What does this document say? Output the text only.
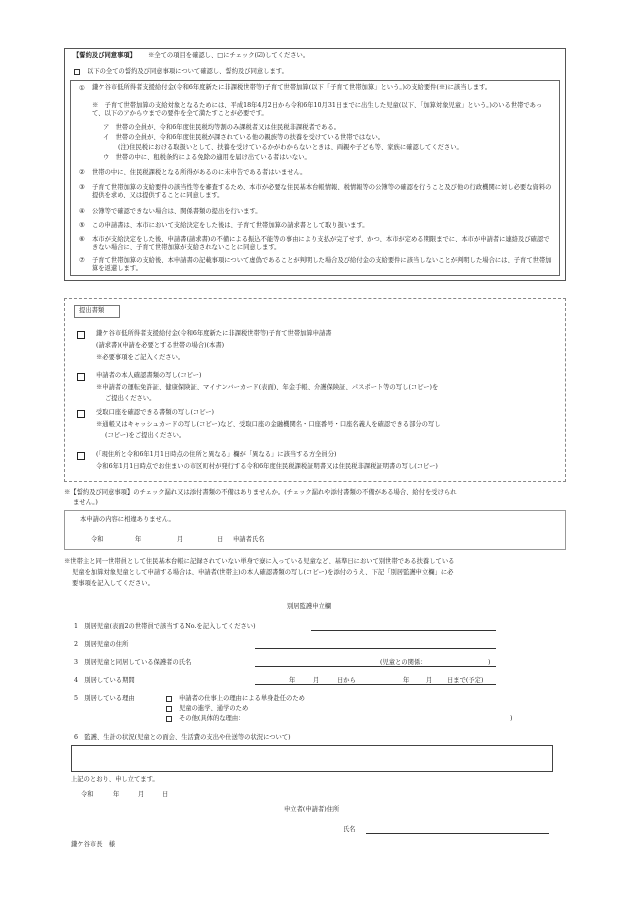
【誓約及び同意事項】 ※全ての項目を確認し、□にチェック(☑)してください。
以下の全ての誓約及び同意事項について確認し、誓約及び同意します。
① 鎌ケ谷市低所得者支援給付金(令和6年度新たに非課税世帯等)子育て世帯加算(以下「子育て世帯加算」という。)の支給要件(※)に該当します。
※　子育て世帯加算の支給対象となるためには、平成18年4月2日から令和6年10月31日までに出生した児童(以下、「加算対象児童」という。)のいる世帯であって、以下のアからウまでの要件を全て満たすことが必要です。
ア　世帯の全員が、令和6年度住民税均等割のみ課税者又は住民税非課税者である。
イ　世帯の全員が、令和6年度住民税が課されている他の親族等の扶養を受けている世帯ではない。
(注)住民税における取扱いとして、扶養を受けているかがわからないときは、両親や子ども等、家族に確認してください。
ウ　世帯の中に、租税条約による免除の適用を届け出ている者はいない。
② 世帯の中に、住民税課税となる所得があるのに未申告である者はいません。
③ 子育て世帯加算の支給要件の該当性等を審査するため、本市が必要な住民基本台帳情報、税情報等の公簿等の確認を行うこと及び他の行政機関に対し必要な資料の提供を求め、又は提供することに同意します。
④ 公簿等で確認できない場合は、関係書類の提出を行います。
⑤ この申請書は、本市において支給決定をした後は、子育て世帯加算の請求書として取り扱います。
⑥ 本市が支給決定をした後、申請書(請求書)の不備による振込不能等の事由により支払が完了せず、かつ、本市が定める期限までに、本市が申請者に連絡及び確認できない場合に、子育て世帯加算が支給されないことに同意します。
⑦ 子育て世帯加算の支給後、本申請書の記載事項について虚偽であることが判明した場合及び給付金の支給要件に該当しないことが判明した場合には、子育て世帯加算を返還します。
提出書類
鎌ケ谷市低所得者支援給付金(令和6年度新たに非課税世帯等)子育て世帯加算申請書
(請求書)(申請を必要とする世帯の場合)(本書)
※必要事項をご記入ください。
申請者の本人確認書類の写し(コピー)
※申請者の運転免許証、健康保険証、マイナンバーカード(表面)、年金手帳、介護保険証、パスポート等の写し(コピー)を
ご提出ください。
受取口座を確認できる書類の写し(コピー)
※通帳又はキャッシュカードの写し(コピー)など、受取口座の金融機関名・口座番号・口座名義人を確認できる部分の写し
(コピー)をご提出ください。
(「現住所と令和6年1月1日時点の住所と異なる」欄が「異なる」に該当する方全員分)
令和6年1月1日時点でお住まいの市区町村が発行する令和6年度住民税課税証明書又は住民税非課税証明書の写し(コピー)
※【誓約及び同意事項】のチェック漏れ又は添付書類の不備はありませんか。(チェック漏れや添付書類の不備がある場合、給付を受けられ
ません。)
本申請の内容に相違ありません。
令和	年	月	日 申請者氏名
※世帯主と同一世帯員として住民基本台帳に記録されていない単身で寮に入っている児童など、基準日において別世帯である扶養している
児童を加算対象児童として申請する場合は、申請者(世帯主)の本人確認書類の写し(コピー)を添付のうえ、下記「別居監護申立欄」に必
要事項を記入してください。
別居監護申立欄
1　別居児童(表面2の世帯員で該当するNo.を記入してください)
2　別居児童の住所
3　別居児童と同居している保護者の氏名	(児童との関係：	)
4　別居している期間	年	月	日から	年	月 日まで(予定)
5　別居している理由	申請者の仕事上の理由による単身赴任のため
児童の進学、通学のため
その他(具体的な理由：	)
6　監護、生計の状況(児童との面会、生活費の支出や仕送等の状況について)
上記のとおり、申し立てます。
令和	年	月	日
申立者(申請者)住所
氏名
鎌ケ谷市長　様
